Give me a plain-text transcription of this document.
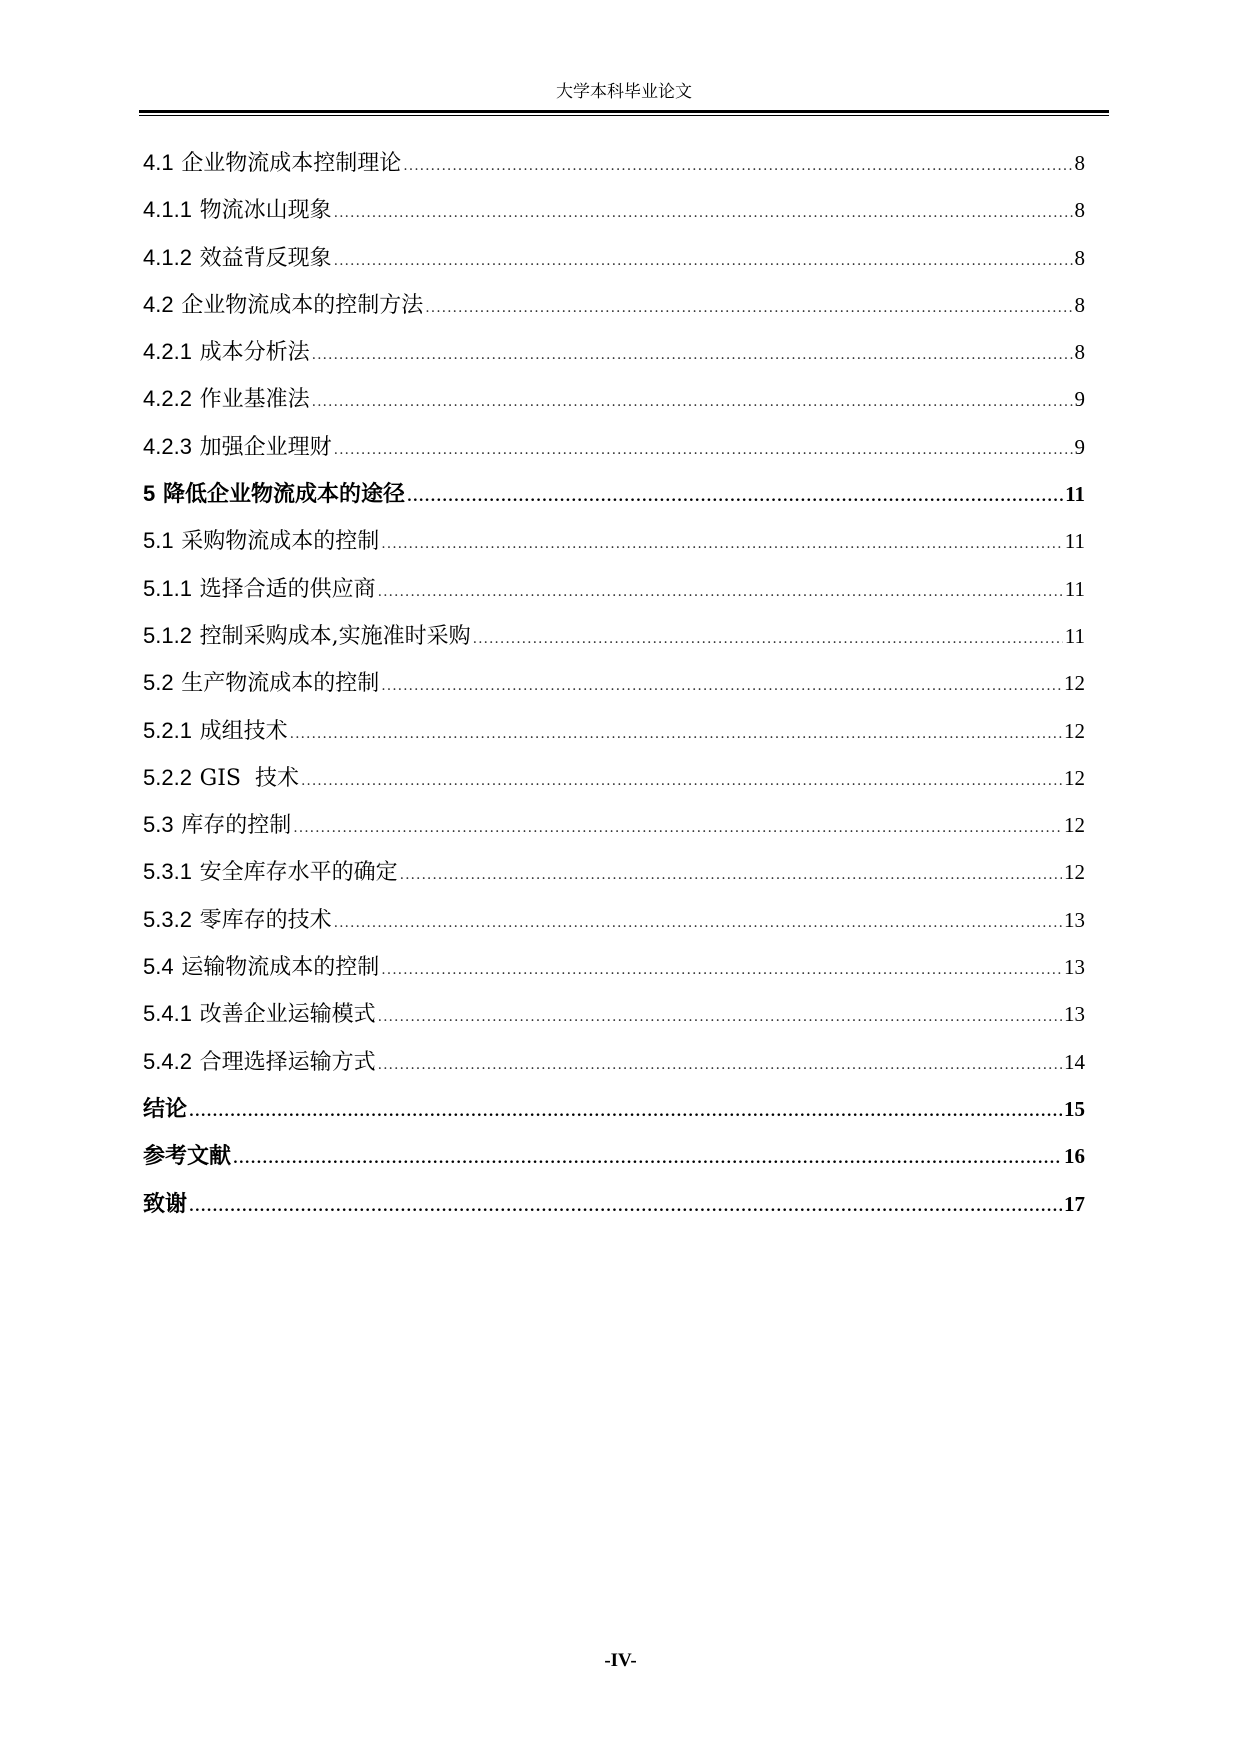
大学本科毕业论文
4.1 企业物流成本控制理论 .....	8
4.1.1 物流冰山现象 .....	8
4.1.2 效益背反现象 .....	8
4.2 企业物流成本的控制方法 .....	8
4.2.1 成本分析法 .....	8
4.2.2 作业基准法 .....	9
4.2.3 加强企业理财 .....	9
5 降低企业物流成本的途径 .....	11
5.1 采购物流成本的控制 .....	11
5.1.1 选择合适的供应商 .....	11
5.1.2 控制采购成本,实施准时采购 .....	11
5.2 生产物流成本的控制 .....	12
5.2.1 成组技术 .....	12
5.2.2 GIS  技术 .....	12
5.3 库存的控制 .....	12
5.3.1 安全库存水平的确定 .....	12
5.3.2 零库存的技术 .....	13
5.4 运输物流成本的控制 .....	13
5.4.1 改善企业运输模式 .....	13
5.4.2 合理选择运输方式 .....	14
结论 .....	15
参考文献 .....	16
致谢 .....	17
-IV-
